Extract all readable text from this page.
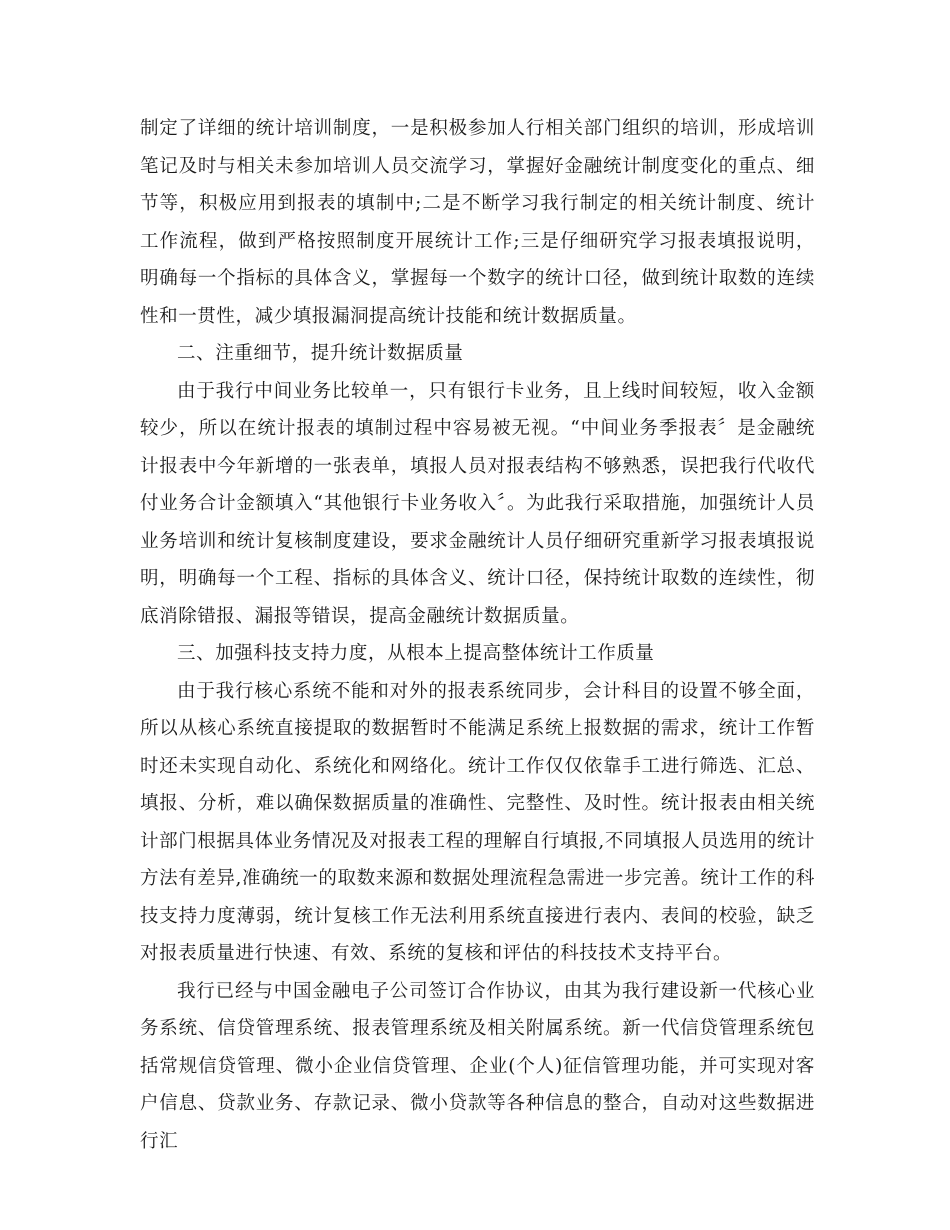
制定了详细的统计培训制度，一是积极参加人行相关部门组织的培训，形成培训笔记及时与相关未参加培训人员交流学习，掌握好金融统计制度变化的重点、细节等，积极应用到报表的填制中;二是不断学习我行制定的相关统计制度、统计工作流程，做到严格按照制度开展统计工作;三是仔细研究学习报表填报说明，明确每一个指标的具体含义，掌握每一个数字的统计口径，做到统计取数的连续性和一贯性，减少填报漏洞提高统计技能和统计数据质量。

二、注重细节，提升统计数据质量

由于我行中间业务比较单一，只有银行卡业务，且上线时间较短，收入金额较少，所以在统计报表的填制过程中容易被无视。“中间业务季报表〞是金融统计报表中今年新增的一张表单，填报人员对报表结构不够熟悉，误把我行代收代付业务合计金额填入“其他银行卡业务收入〞。为此我行采取措施，加强统计人员业务培训和统计复核制度建设，要求金融统计人员仔细研究重新学习报表填报说明，明确每一个工程、指标的具体含义、统计口径，保持统计取数的连续性，彻底消除错报、漏报等错误，提高金融统计数据质量。

三、加强科技支持力度，从根本上提高整体统计工作质量

由于我行核心系统不能和对外的报表系统同步，会计科目的设置不够全面，所以从核心系统直接提取的数据暂时不能满足系统上报数据的需求，统计工作暂时还未实现自动化、系统化和网络化。统计工作仅仅依靠手工进行筛选、汇总、填报、分析，难以确保数据质量的准确性、完整性、及时性。统计报表由相关统计部门根据具体业务情况及对报表工程的理解自行填报,不同填报人员选用的统计方法有差异,准确统一的取数来源和数据处理流程急需进一步完善。统计工作的科技支持力度薄弱，统计复核工作无法利用系统直接进行表内、表间的校验，缺乏对报表质量进行快速、有效、系统的复核和评估的科技技术支持平台。

我行已经与中国金融电子公司签订合作协议，由其为我行建设新一代核心业务系统、信贷管理系统、报表管理系统及相关附属系统。新一代信贷管理系统包括常规信贷管理、微小企业信贷管理、企业(个人)征信管理功能，并可实现对客户信息、贷款业务、存款记录、微小贷款等各种信息的整合，自动对这些数据进行汇
